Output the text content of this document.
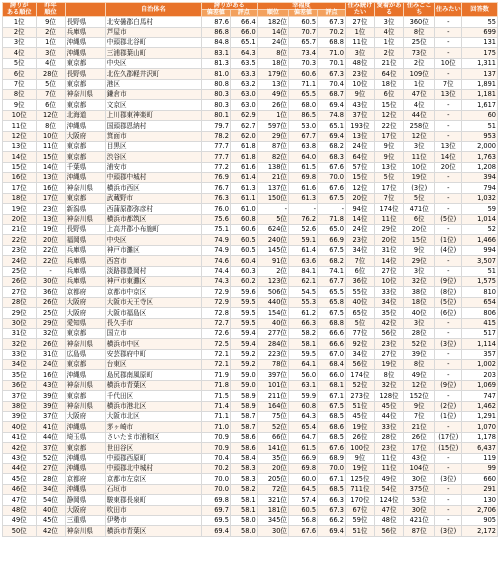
誇りが
ある順位	昨年
順位		自治体名	誇りがある		幸福度			住み続けたい	愛着がある	住みごこち	住みたい	回答数
				偏差値	評点	順位	偏差値	評点					
1位	9位	長野県	北安曇郡白馬村	87.6	66.4	182位	60.5	67.3	27位	3位	360位	-	55
2位	2位	兵庫県	芦屋市	86.8	66.0	14位	70.7	70.2	1位	4位	8位	-	699
3位	1位	沖縄県	中頭郡北谷町	84.8	65.1	24位	65.7	68.8	11位	1位	25位	-	131
4位	3位	沖縄県	三浦郡葉山町	83.1	64.3	8位	73.4	71.0	3位	2位	73位	-	175
5位	4位	東京都	中央区	81.3	63.5	18位	70.3	70.1	48位	21位	2位	10位	1,311
6位	28位	長野県	北佐久郡軽井沢町	81.0	63.3	179位	60.6	67.3	23位	64位	109位	-	137
7位	5位	東京都	港区	80.8	63.2	13位	71.1	70.4	10位	18位	1位	7位	1,891
8位	7位	神奈川県	鎌倉市	80.3	63.0	49位	65.5	68.7	9位	6位	47位	13位	1,181
9位	6位	東京都	文京区	80.3	63.0	26位	68.0	69.4	43位	15位	4位	-	1,617
10位	12位	北海道	上川郡東神楽町	80.1	62.9	1位	86.5	74.8	37位	12位	44位	-	60
11位	8位	沖縄県	国頭郡恩納村	79.7	62.7	597位	53.0	65.1	193位	22位	258位	-	51
12位	10位	大阪府	箕面市	78.2	62.0	29位	67.7	69.4	13位	17位	12位	-	953
13位	11位	東京都	目黒区	77.7	61.8	87位	63.8	68.2	24位	9位	3位	13位	2,000
14位	15位	東京都	渋谷区	77.7	61.8	82位	64.0	68.3	64位	9位	11位	14位	1,763
15位	14位	千葉県	浦安市	77.2	61.6	138位	61.5	67.6	57位	13位	10位	20位	1,208
16位	13位	沖縄県	中頭郡中城村	76.9	61.4	21位	69.8	70.0	15位	5位	19位	-	394
17位	16位	神奈川県	横浜市西区	76.7	61.3	137位	61.6	67.6	12位	17位	(3位)	-	794
18位	17位	東京都	武蔵野市	76.3	61.1	150位	61.3	67.5	20位	7位	5位	-	1,032
19位	23位	新潟県	西蒲原郡弥彦村	76.0	61.0	-	-	-	94位	174位	471位	-	59
20位	13位	神奈川県	横浜市都筑区	75.6	60.8	5位	76.2	71.8	14位	11位	6位	(5位)	1,014
21位	19位	長野県	上高井郡小布施町	75.1	60.6	624位	52.6	65.0	24位	29位	20位	-	52
22位	20位	福岡県	中央区	74.9	60.5	240位	59.1	66.9	23位	20位	15位	(1位)	1,466
23位	22位	兵庫県	神戸市灘区	74.9	60.5	145位	61.4	67.5	34位	31位	9位	(4位)	994
24位	22位	兵庫県	西宮市	74.6	60.4	91位	63.6	68.2	7位	14位	29位	-	3,507
25位	-	兵庫県	淡路郡豊岡村	74.4	60.3	2位	84.1	74.1	6位	27位	3位	-	51
26位	30位	兵庫県	神戸市東灘区	74.3	60.2	123位	62.1	67.7	36位	10位	32位	(9位)	1,575
27位	36位	京都府	京都市中京区	72.9	59.6	506位	54.5	65.5	55位	33位	38位	(8位)	810
28位	26位	大阪府	大阪市天王寺区	72.9	59.5	440位	55.3	65.8	40位	34位	18位	(5位)	654
29位	25位	大阪府	大阪市福島区	72.8	59.5	154位	61.2	67.5	65位	35位	40位	(6位)	806
30位	29位	愛知県	長久手市	72.7	59.5	40位	66.3	68.8	5位	42位	3位	-	415
31位	32位	東京都	国立市	72.6	59.4	277位	58.2	66.6	77位	56位	28位	-	517
32位	26位	神奈川県	横浜市中区	72.5	59.4	284位	58.1	66.6	92位	23位	52位	(3位)	1,114
33位	31位	広島県	安芸郡府中町	72.1	59.2	223位	59.5	67.0	34位	27位	39位	-	357
34位	24位	東京都	台東区	72.1	59.2	78位	64.1	68.4	56位	19位	8位	-	1,002
35位	16位	沖縄県	島尻郡南風原町	71.9	59.0	397位	56.0	66.0	174位	8位	49位	-	203
36位	43位	神奈川県	横浜市青葉区	71.8	59.0	101位	63.1	68.1	52位	32位	12位	(9位)	1,069
37位	39位	東京都	千代田区	71.5	58.9	211位	59.9	67.1	273位	128位	152位	-	747
38位	39位	神奈川県	横浜市港北区	71.4	58.9	164位	60.8	67.5	51位	45位	9位	(2位)	1,462
39位	37位	大阪府	大阪市北区	71.1	58.7	75位	64.3	68.5	45位	44位	7位	(1位)	1,291
40位	41位	沖縄県	茅ヶ崎市	71.0	58.7	52位	65.4	68.6	19位	33位	21位	-	1,070
41位	44位	埼玉県	さいたま市浦和区	70.9	58.6	66位	64.7	68.5	26位	28位	26位	(17位)	1,178
42位	37位	東京都	世田谷区	70.9	58.6	141位	61.5	67.6	100位	23位	17位	(15位)	6,437
43位	52位	沖縄県	中頭郡西原町	70.4	58.4	35位	66.9	68.9	9位	11位	43位	-	119
44位	27位	沖縄県	中頭郡北中城村	70.2	58.3	20位	69.8	70.0	19位	11位	104位	-	99
45位	28位	京都府	京都市左京区	70.0	58.3	205位	60.0	67.1	125位	49位	30位	(3位)	660
46位	34位	沖縄県	石垣市	70.0	58.2	72位	64.5	68.5	711位	54位	375位	-	291
47位	54位	静岡県	駿東郡長泉町	69.8	58.1	321位	57.4	66.3	170位	124位	53位	-	130
48位	40位	大阪府	吹田市	69.7	58.1	181位	60.5	67.3	67位	47位	30位	-	2,706
49位	45位	三重県	伊勢市	69.5	58.0	345位	56.8	66.2	59位	48位	421位	-	905
50位	42位	神奈川県	横浜市青葉区	69.4	58.0	30位	67.6	69.4	51位	56位	87位	(3位)	2,172
